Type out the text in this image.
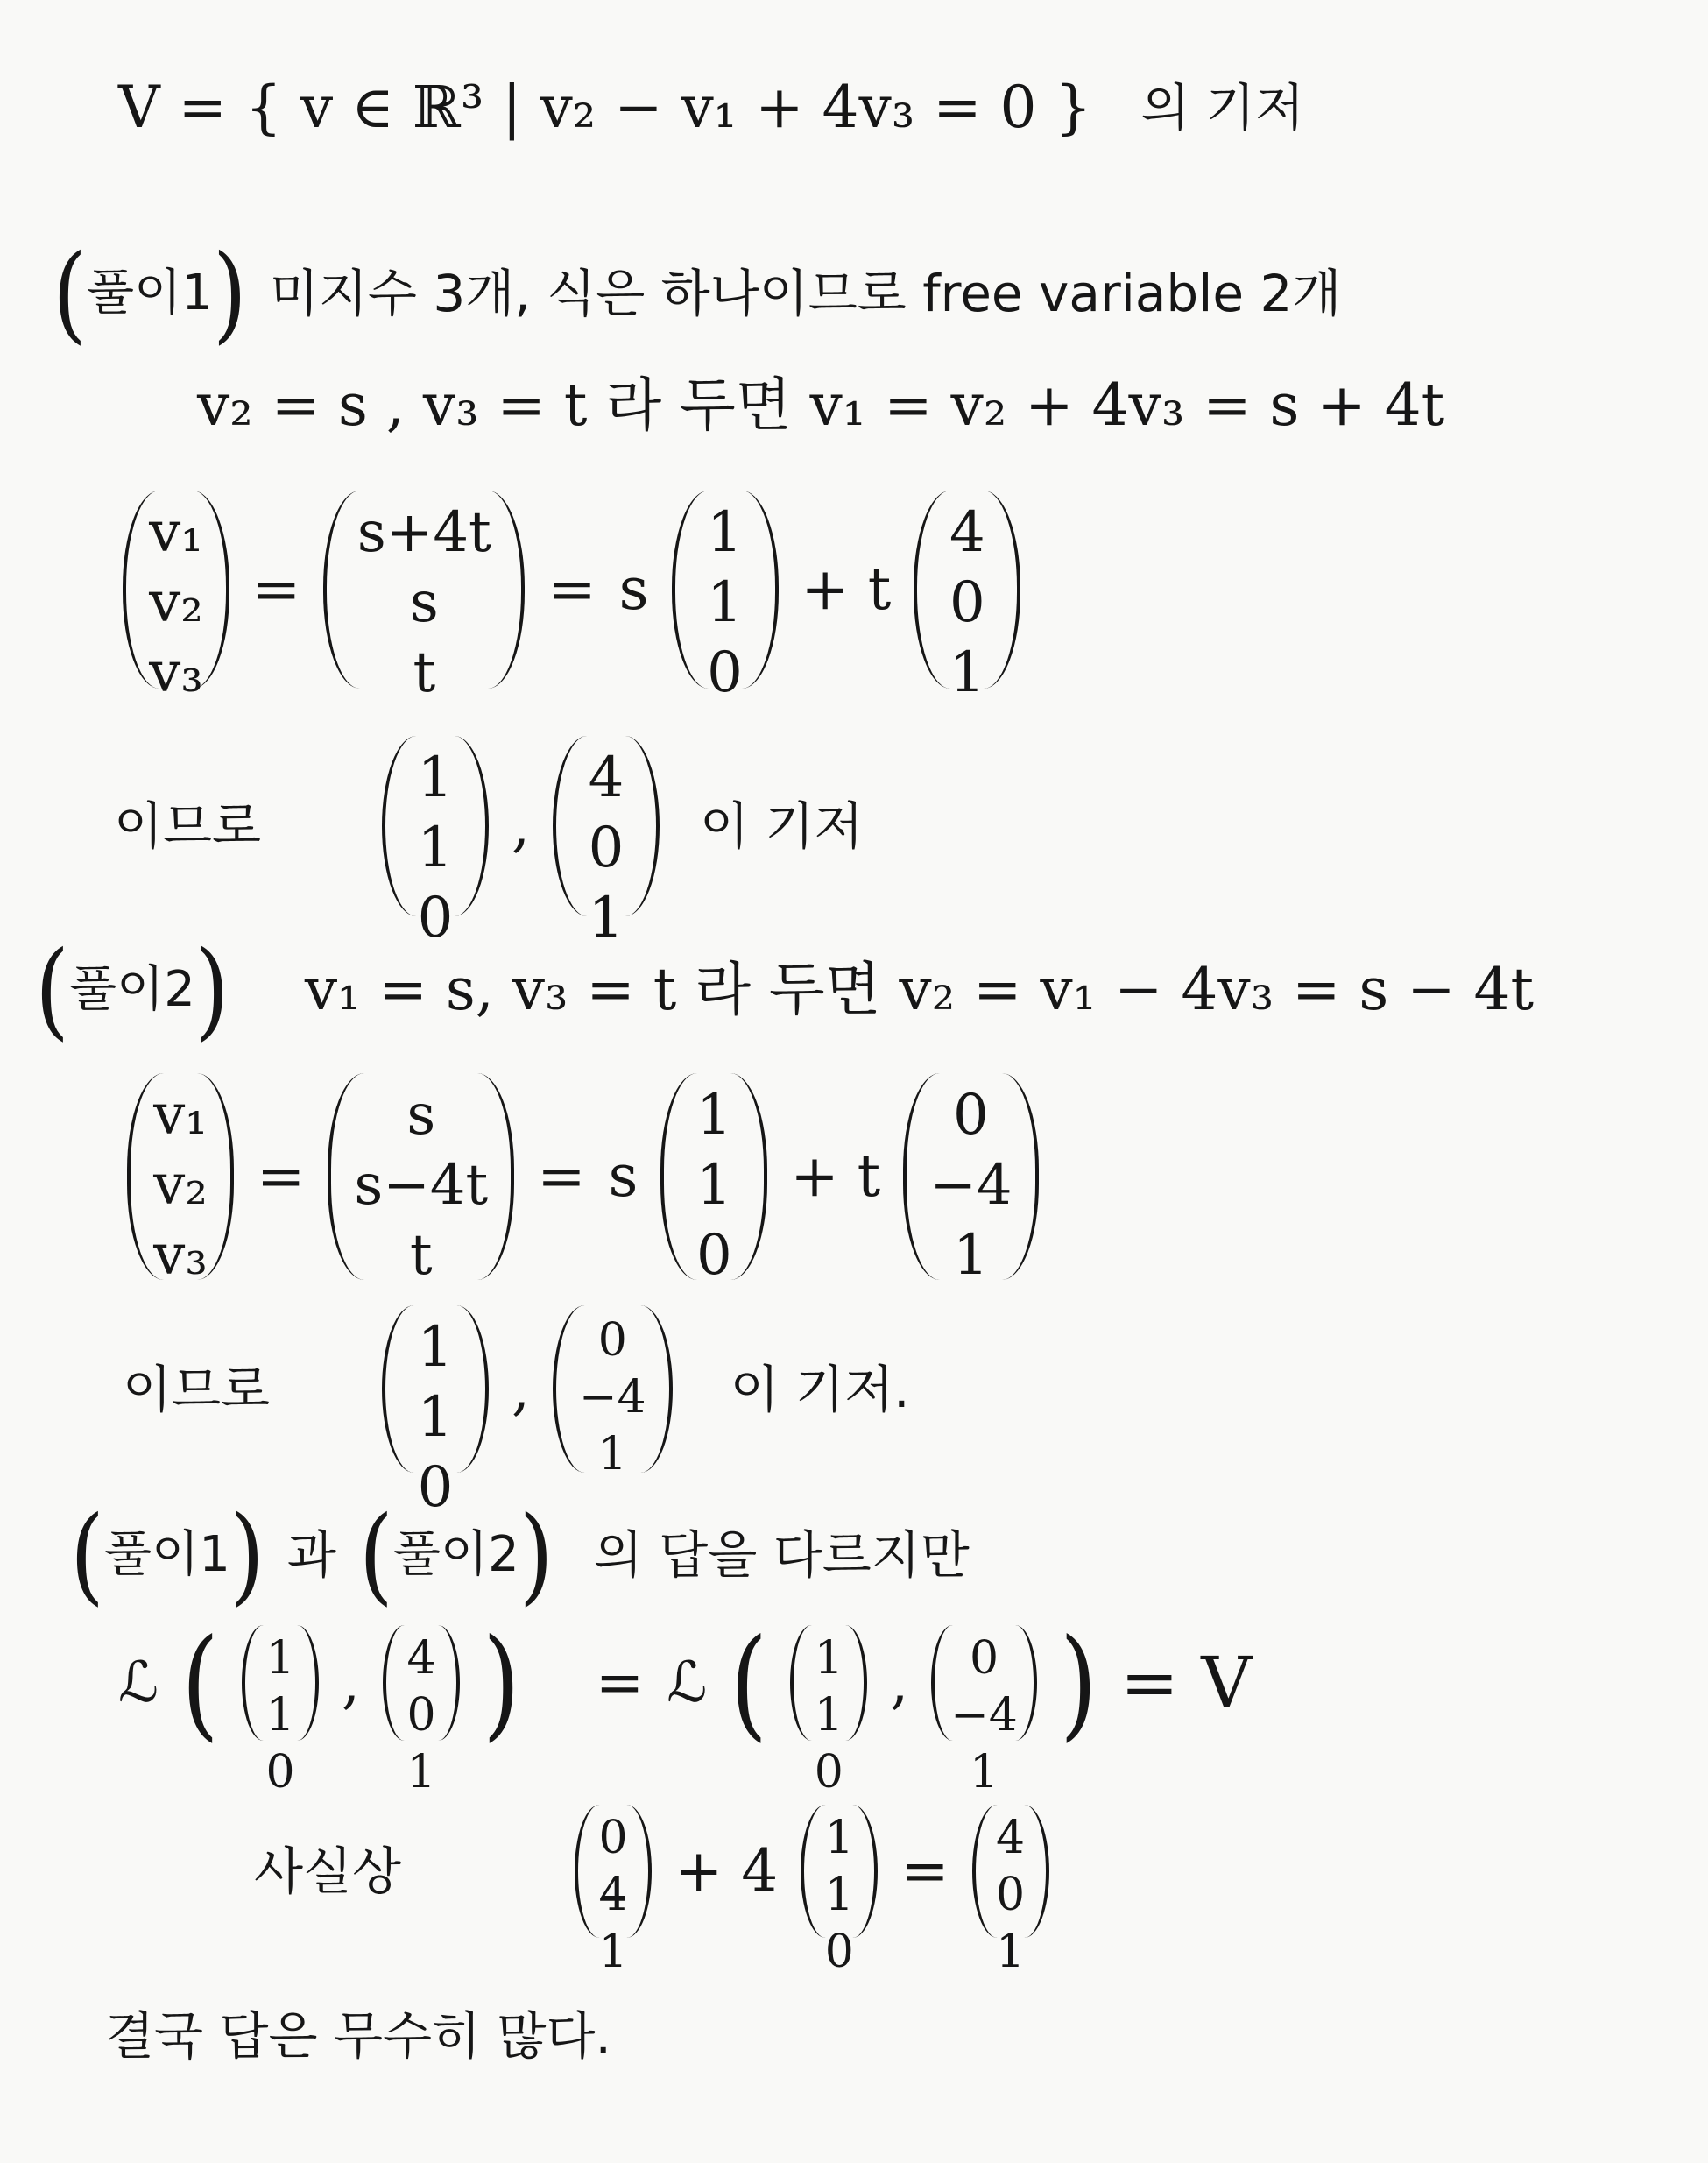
V = { v ∈ ℝ³ | v₂ − v₁ + 4v₃ = 0 } 의 기저
( 풀이1 ) 미지수 3개, 식은 하나이므로 free variable 2개
v₂ = s , v₃ = t 라 두면 v₁ = v₂ + 4v₃ = s + 4t
v₁
v₂
v₃
=
s+4t
s
t
= s
1
1
0
+ t
4
0
1
이므로
1
1
0
,
4
0
1
이 기저
( 풀이2 ) v₁ = s, v₃ = t 라 두면 v₂ = v₁ − 4v₃ = s − 4t
v₁
v₂
v₃
=
s
s−4t
t
= s
1
1
0
+ t
0
−4
1
이므로
1
1
0
,
0
−4
1
이 기저.
( 풀이1 ) 과 ( 풀이2 ) 의 답을 다르지만
ℒ ( 1
1
0
, 4
0
1
) = ℒ ( 1
1
0
, 0
−4
1
) = V
사실상
0
4
1
+ 4 1
1
0
= 4
0
1
결국 답은 무수히 많다.
